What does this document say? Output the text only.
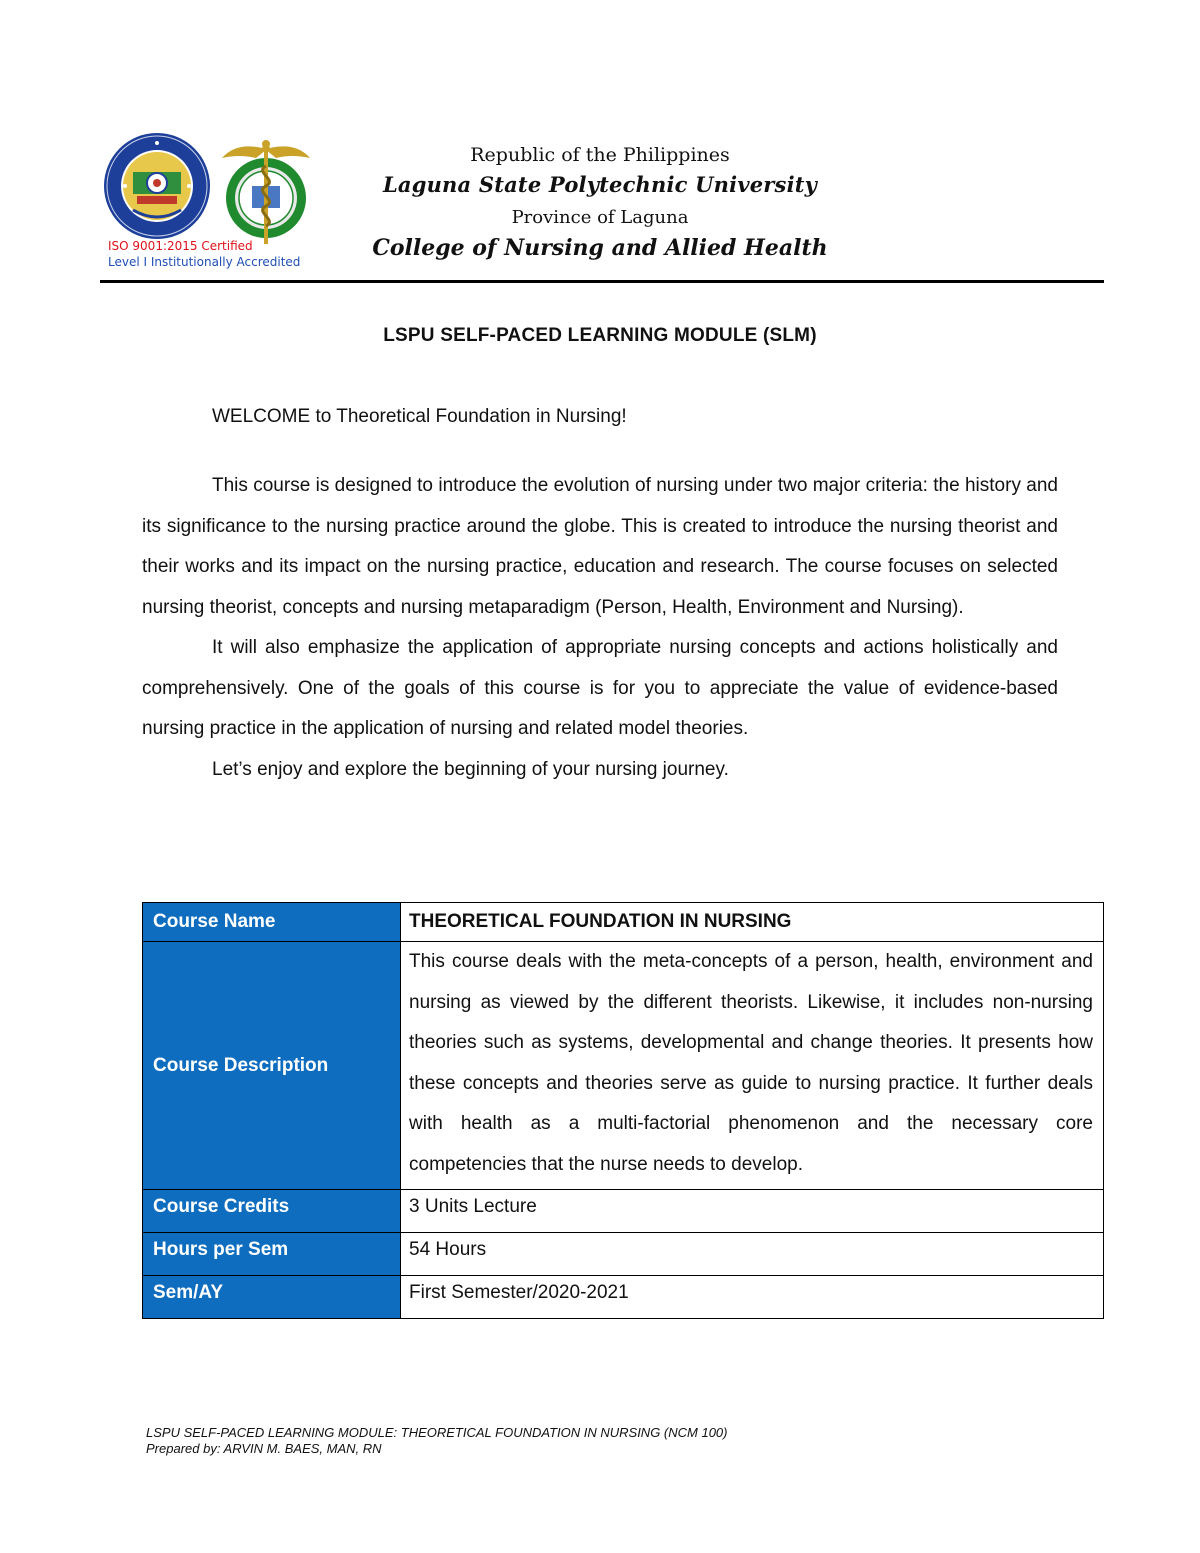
ISO 9001:2015 Certified
Level I Institutionally Accredited

Republic of the Philippines

Laguna State Polytechnic University

Province of Laguna

College of Nursing and Allied Health

LSPU SELF-PACED LEARNING MODULE (SLM)
WELCOME to Theoretical Foundation in Nursing!

This course is designed to introduce the evolution of nursing under two major criteria: the history and its significance to the nursing practice around the globe. This is created to introduce the nursing theorist and their works and its impact on the nursing practice, education and research. The course focuses on selected nursing theorist, concepts and nursing metaparadigm (Person, Health, Environment and Nursing).

It will also emphasize the application of appropriate nursing concepts and actions holistically and comprehensively. One of the goals of this course is for you to appreciate the value of evidence-based nursing practice in the application of nursing and related model theories.

Let’s enjoy and explore the beginning of your nursing journey.

Course Name	THEORETICAL FOUNDATION IN NURSING
Course Description	This course deals with the meta-concepts of a person, health, environment and nursing as viewed by the different theorists. Likewise, it includes non-nursing theories such as systems, developmental and change theories. It presents how these concepts and theories serve as guide to nursing practice. It further deals with health as a multi-factorial phenomenon and the necessary core competencies that the nurse needs to develop.
Course Credits	3 Units Lecture
Hours per Sem	54 Hours
Sem/AY	First Semester/2020-2021
LSPU SELF-PACED LEARNING MODULE: THEORETICAL FOUNDATION IN NURSING (NCM 100)
Prepared by: ARVIN M. BAES, MAN, RN
